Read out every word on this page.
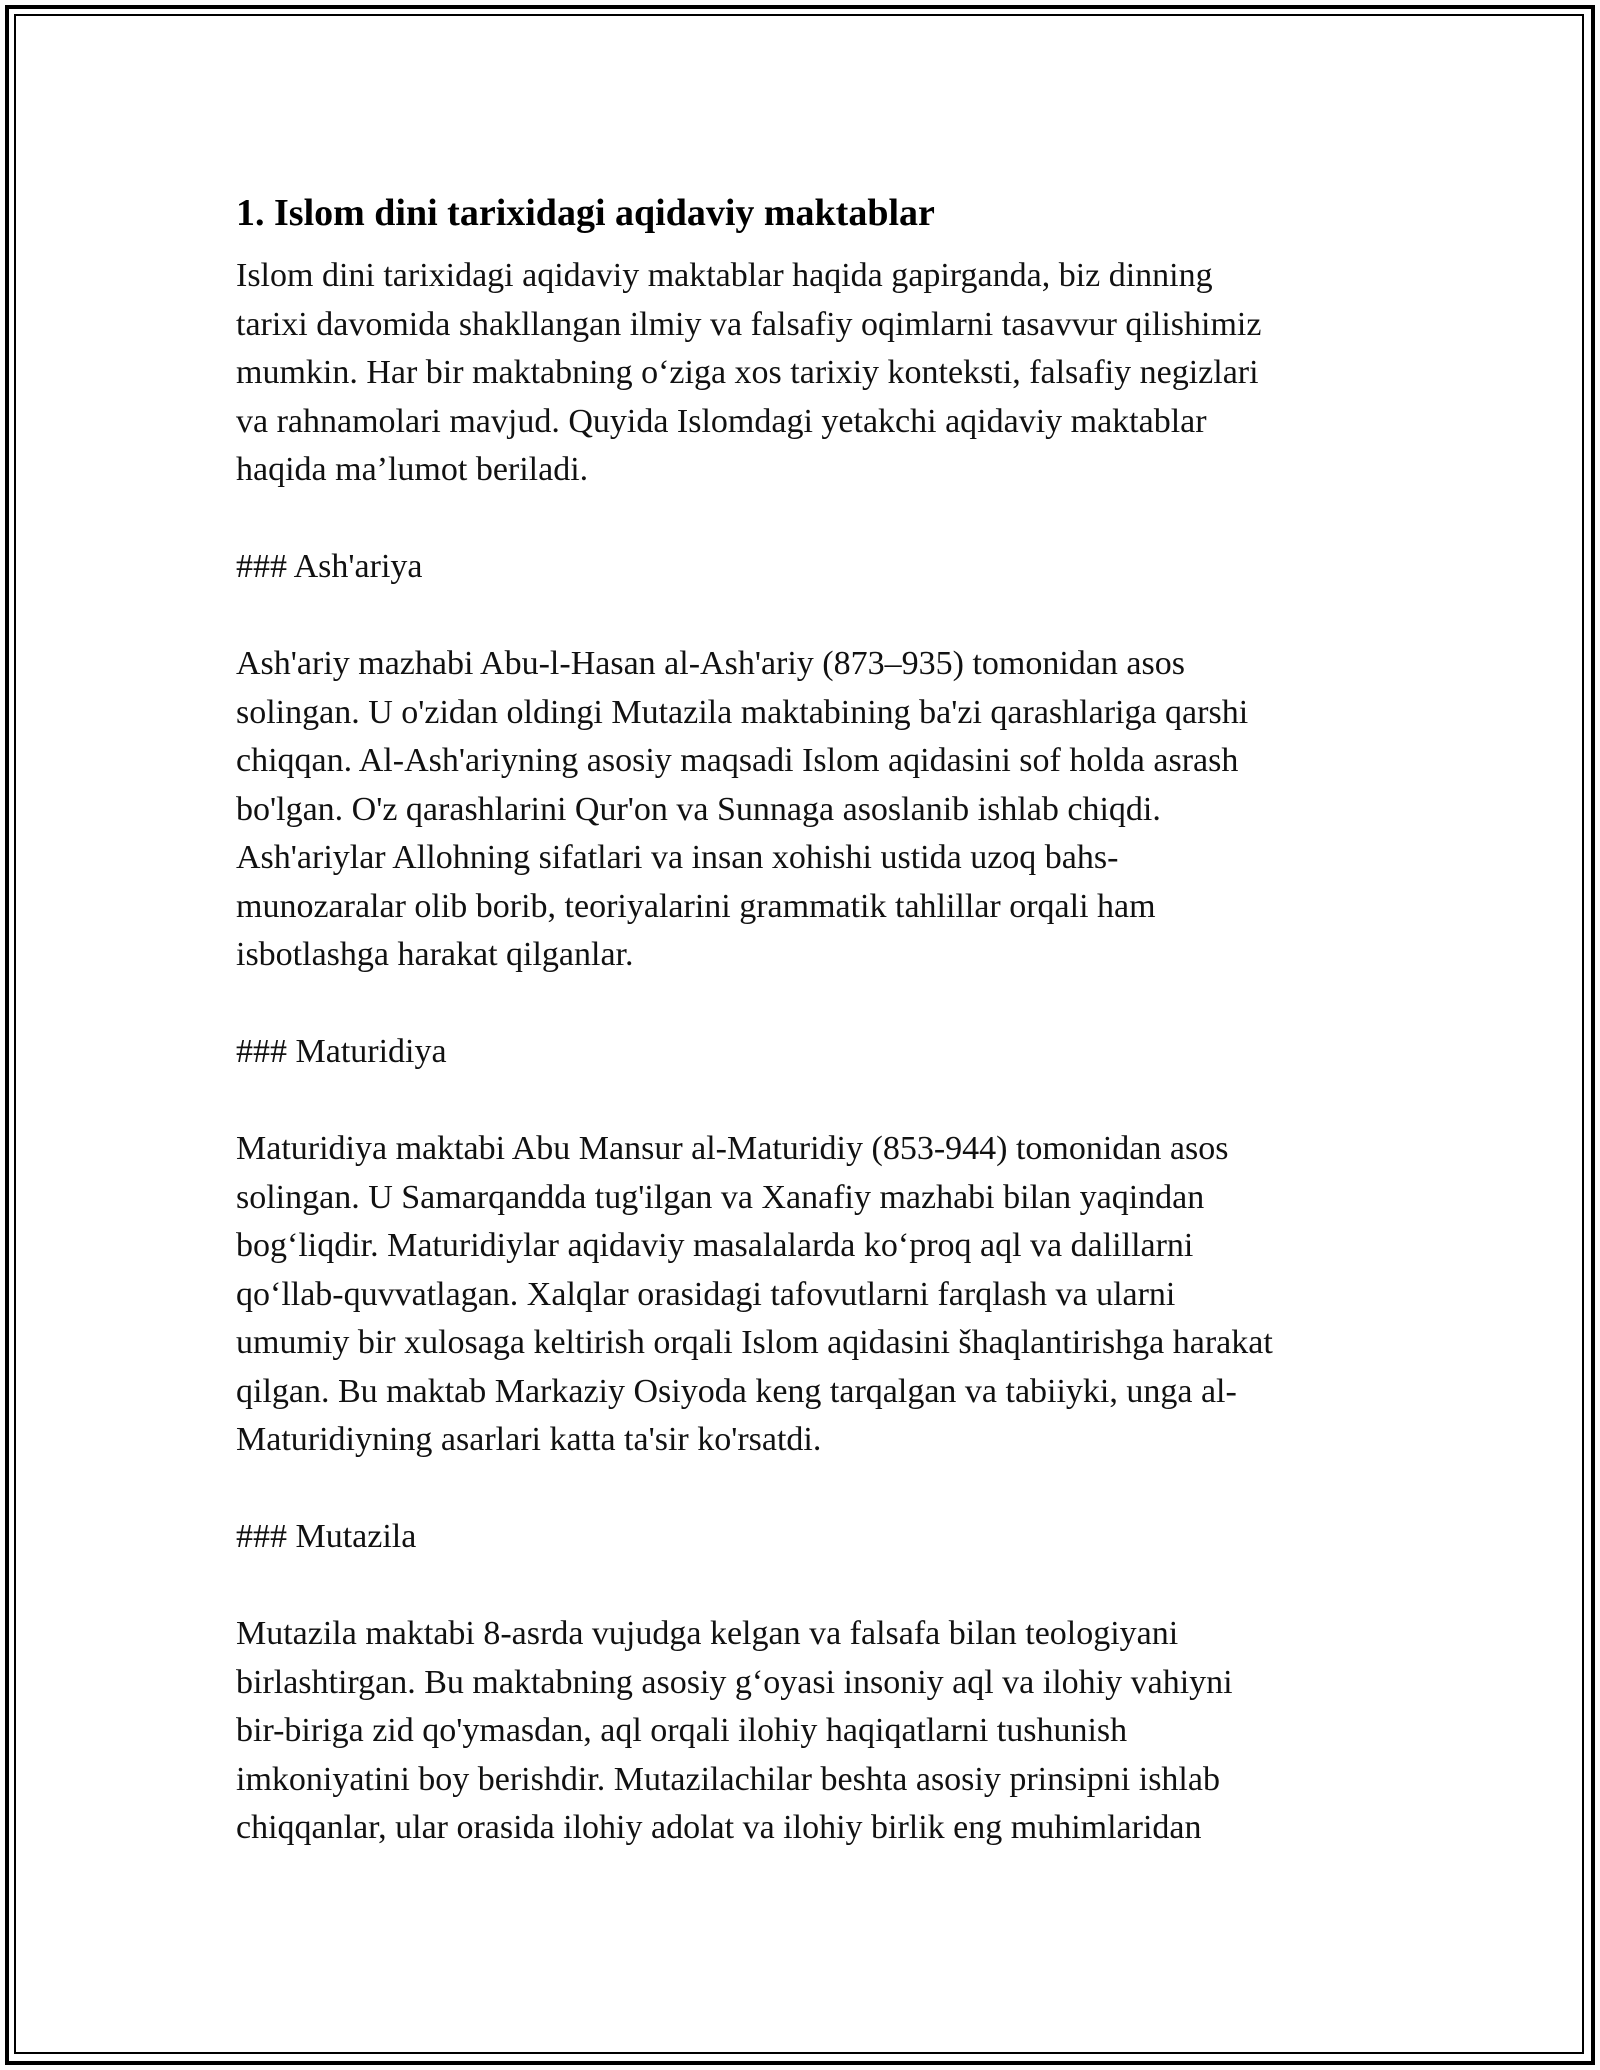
1. Islom dini tarixidagi aqidaviy maktablar

Islom dini tarixidagi aqidaviy maktablar haqida gapirganda, biz dinning
tarixi davomida shakllangan ilmiy va falsafiy oqimlarni tasavvur qilishimiz
mumkin. Har bir maktabning o‘ziga xos tarixiy konteksti, falsafiy negizlari
va rahnamolari mavjud. Quyida Islomdagi yetakchi aqidaviy maktablar
haqida ma’lumot beriladi.

### Ash'ariya

Ash'ariy mazhabi Abu-l-Hasan al-Ash'ariy (873–935) tomonidan asos
solingan. U o'zidan oldingi Mutazila maktabining ba'zi qarashlariga qarshi
chiqqan. Al-Ash'ariyning asosiy maqsadi Islom aqidasini sof holda asrash
bo'lgan. O'z qarashlarini Qur'on va Sunnaga asoslanib ishlab chiqdi.
Ash'ariylar Allohning sifatlari va insan xohishi ustida uzoq bahs-
munozaralar olib borib, teoriyalarini grammatik tahlillar orqali ham
isbotlashga harakat qilganlar.

### Maturidiya

Maturidiya maktabi Abu Mansur al-Maturidiy (853-944) tomonidan asos
solingan. U Samarqandda tug'ilgan va Xanafiy mazhabi bilan yaqindan
bog‘liqdir. Maturidiylar aqidaviy masalalarda ko‘proq aql va dalillarni
qo‘llab-quvvatlagan. Xalqlar orasidagi tafovutlarni farqlash va ularni
umumiy bir xulosaga keltirish orqali Islom aqidasini šhaqlantirishga harakat
qilgan. Bu maktab Markaziy Osiyoda keng tarqalgan va tabiiyki, unga al-
Maturidiyning asarlari katta ta'sir ko'rsatdi.

### Mutazila

Mutazila maktabi 8-asrda vujudga kelgan va falsafa bilan teologiyani
birlashtirgan. Bu maktabning asosiy g‘oyasi insoniy aql va ilohiy vahiyni
bir-biriga zid qo'ymasdan, aql orqali ilohiy haqiqatlarni tushunish
imkoniyatini boy berishdir. Mutazilachilar beshta asosiy prinsipni ishlab
chiqqanlar, ular orasida ilohiy adolat va ilohiy birlik eng muhimlaridan
